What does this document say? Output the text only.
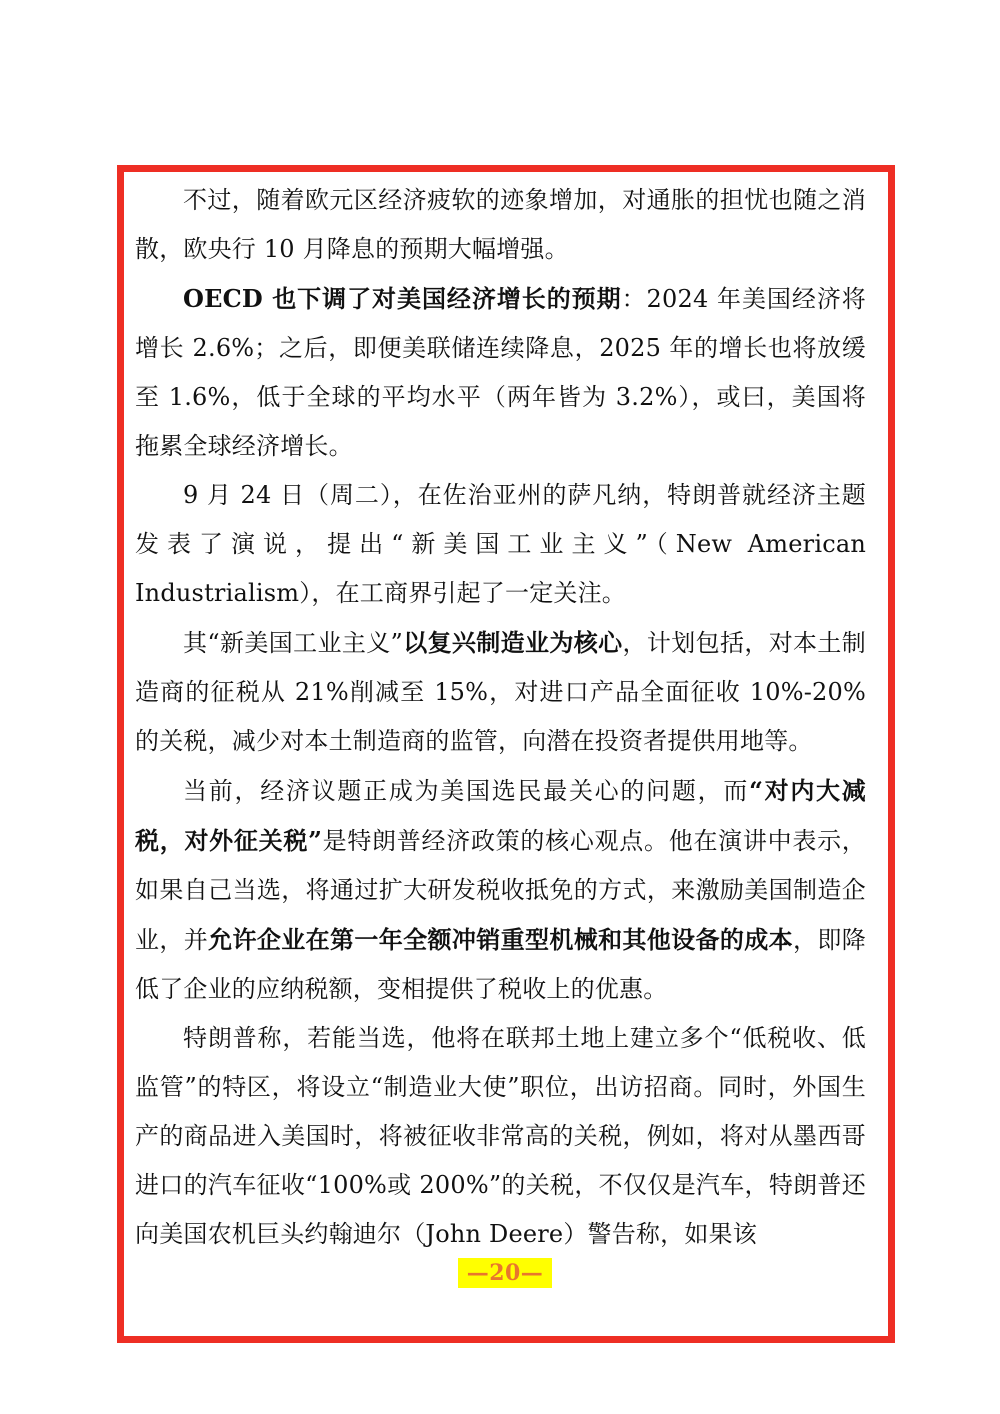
不过，随着欧元区经济疲软的迹象增加，对通胀的担忧也随之消散，欧央行 10 月降息的预期大幅增强。

OECD 也下调了对美国经济增长的预期：2024 年美国经济将增长 2.6%；之后，即便美联储连续降息，2025 年的增长也将放缓至 1.6%，低于全球的平均水平（两年皆为 3.2%），或曰，美国将拖累全球经济增长。

9 月 24 日（周二），在佐治亚州的萨凡纳，特朗普就经济主题发表了演说，提出“新美国工业主义”（New American Industrialism），在工商界引起了一定关注。

其“新美国工业主义”以复兴制造业为核心，计划包括，对本土制造商的征税从 21%削减至 15%，对进口产品全面征收 10%-20%的关税，减少对本土制造商的监管，向潜在投资者提供用地等。

当前，经济议题正成为美国选民最关心的问题，而“对内大减税，对外征关税”是特朗普经济政策的核心观点。他在演讲中表示，如果自己当选，将通过扩大研发税收抵免的方式，来激励美国制造企业，并允许企业在第一年全额冲销重型机械和其他设备的成本，即降低了企业的应纳税额，变相提供了税收上的优惠。

特朗普称，若能当选，他将在联邦土地上建立多个“低税收、低监管”的特区，将设立“制造业大使”职位，出访招商。同时，外国生产的商品进入美国时，将被征收非常高的关税，例如，将对从墨西哥进口的汽车征收“100%或 200%”的关税，不仅仅是汽车，特朗普还向美国农机巨头约翰迪尔（John Deere）警告称，如果该

—20—
